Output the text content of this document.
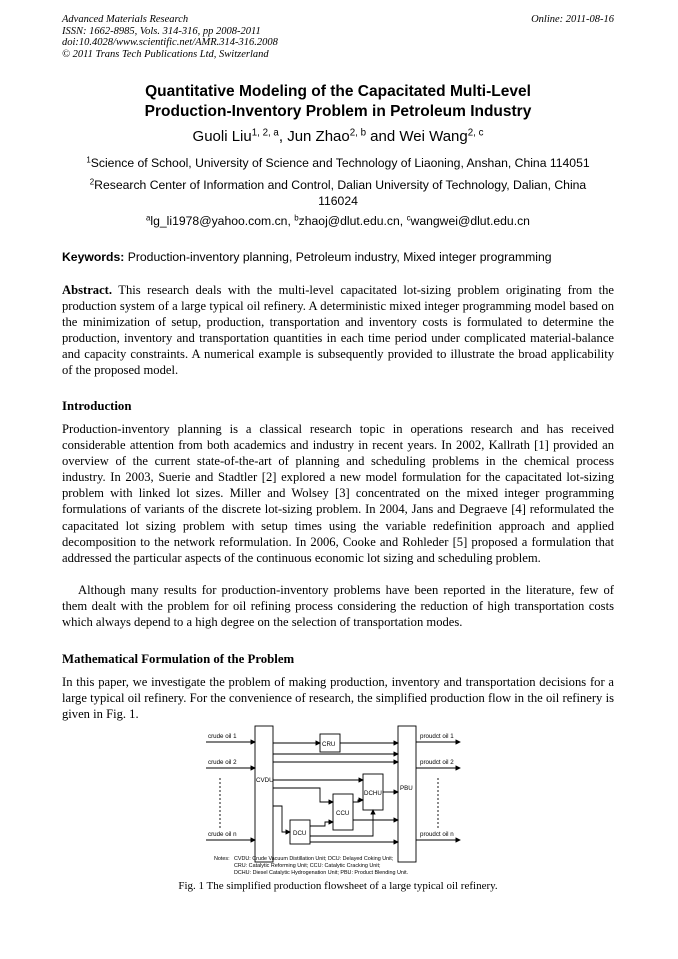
Advanced Materials Research
ISSN: 1662-8985, Vols. 314-316, pp 2008-2011
doi:10.4028/www.scientific.net/AMR.314-316.2008
© 2011 Trans Tech Publications Ltd, Switzerland
Online: 2011-08-16
Quantitative Modeling of the Capacitated Multi-Level
Production-Inventory Problem in Petroleum Industry
Guoli Liu$^{1, 2, a}$, Jun Zhao$^{2, b}$ and Wei Wang$^{2, c}$
$^1$Science of School, University of Science and Technology of Liaoning, Anshan, China 114051
$^2$Research Center of Information and Control, Dalian University of Technology, Dalian, China 116024
$^a$lg_li1978@yahoo.com.cn, $^b$zhaoj@dlut.edu.cn, $^c$wangwei@dlut.edu.cn
Keywords: Production-inventory planning, Petroleum industry, Mixed integer programming
Abstract. This research deals with the multi-level capacitated lot-sizing problem originating from the production system of a large typical oil refinery. A deterministic mixed integer programming model based on the minimization of setup, production, transportation and inventory costs is formulated to determine the production, inventory and transportation quantities in each time period under complicated material-balance and capacity constraints. A numerical example is subsequently provided to illustrate the broad applicability of the proposed model.
Introduction
Production-inventory planning is a classical research topic in operations research and has received considerable attention from both academics and industry in recent years. In 2002, Kallrath [1] provided an overview of the current state-of-the-art of planning and scheduling problems in the chemical process industry. In 2003, Suerie and Stadtler [2] explored a new model formulation for the capacitated lot-sizing problem with linked lot sizes. Miller and Wolsey [3] concentrated on the mixed integer programming formulations of variants of the discrete lot-sizing problem. In 2004, Jans and Degraeve [4] reformulated the capacitated lot sizing problem with setup times using the variable redefinition approach and applied decomposition to the network reformulation. In 2006, Cooke and Rohleder [5] proposed a formulation that addressed the particular aspects of the continuous economic lot sizing and scheduling problem.
Although many results for production-inventory problems have been reported in the literature, few of them dealt with the problem for oil refining process considering the reduction of high transportation costs which always depend to a high degree on the selection of transportation modes.
Mathematical Formulation of the Problem
In this paper, we investigate the problem of making production, inventory and transportation decisions for a large typical oil refinery. For the convenience of research, the simplified production flow in the oil refinery is given in Fig. 1.
crude oil 1
crude oil 2
crude oil n
proudct oil 1
proudct oil 2
proudct oil n
CVDU
CRU
DCHU
CCU
DCU
PBU
Notes: CVDU: Crude Vacuum Distillation Unit; DCU: Delayed Coking Unit;
CRU: Catalytic Reforming Unit; CCU: Catalytic Cracking Unit;
DCHU: Diesel Catalytic Hydrogenation Unit; PBU: Product Blending Unit.
Fig. 1 The simplified production flowsheet of a large typical oil refinery.
